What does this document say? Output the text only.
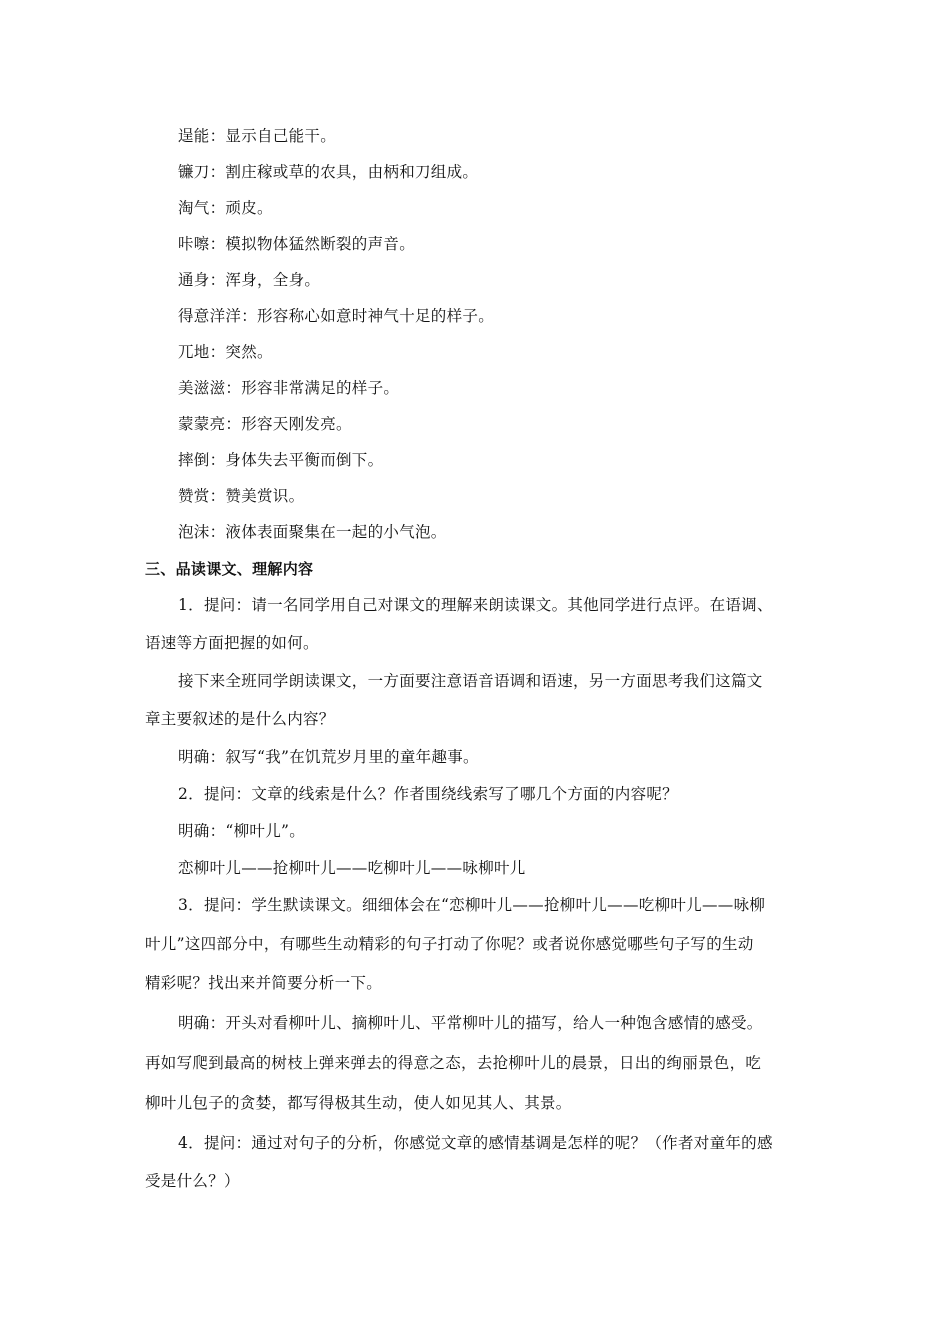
逞能：显示自己能干。
镰刀：割庄稼或草的农具，由柄和刀组成。
淘气：顽皮。
咔嚓：模拟物体猛然断裂的声音。
通身：浑身，全身。
得意洋洋：形容称心如意时神气十足的样子。
兀地：突然。
美滋滋：形容非常满足的样子。
蒙蒙亮：形容天刚发亮。
摔倒：身体失去平衡而倒下。
赞赏：赞美赏识。
泡沫：液体表面聚集在一起的小气泡。
三、品读课文、理解内容
1．提问：请一名同学用自己对课文的理解来朗读课文。其他同学进行点评。在语调、
语速等方面把握的如何。
接下来全班同学朗读课文，一方面要注意语音语调和语速，另一方面思考我们这篇文
章主要叙述的是什么内容？
明确：叙写“我”在饥荒岁月里的童年趣事。
2．提问：文章的线索是什么？作者围绕线索写了哪几个方面的内容呢？
明确：“柳叶儿”。
恋柳叶儿——抢柳叶儿——吃柳叶儿——咏柳叶儿
3．提问：学生默读课文。细细体会在“恋柳叶儿——抢柳叶儿——吃柳叶儿——咏柳
叶儿”这四部分中，有哪些生动精彩的句子打动了你呢？或者说你感觉哪些句子写的生动
精彩呢？找出来并简要分析一下。
明确：开头对看柳叶儿、摘柳叶儿、平常柳叶儿的描写，给人一种饱含感情的感受。
再如写爬到最高的树枝上弹来弹去的得意之态，去抢柳叶儿的晨景，日出的绚丽景色，吃
柳叶儿包子的贪婪，都写得极其生动，使人如见其人、其景。
4．提问：通过对句子的分析，你感觉文章的感情基调是怎样的呢？（作者对童年的感
受是什么？）
